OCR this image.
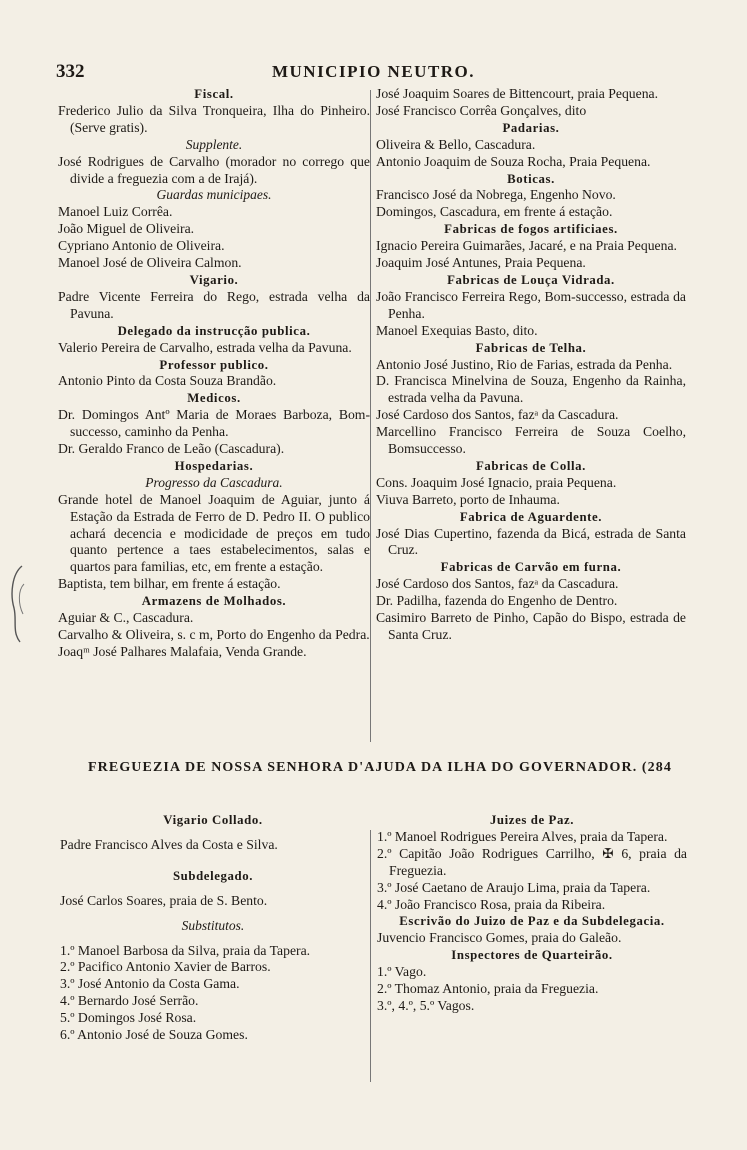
332	MUNICIPIO NEUTRO.
Fiscal.
Frederico Julio da Silva Tronqueira, Ilha do Pinheiro. (Serve gratis).
Supplente.
José Rodrigues de Carvalho (morador no corrego que divide a freguezia com a de Irajá).
Guardas municipaes.
Manoel Luiz Corrêa.
João Miguel de Oliveira.
Cypriano Antonio de Oliveira.
Manoel José de Oliveira Calmon.
Vigario.
Padre Vicente Ferreira do Rego, estrada velha da Pavuna.
Delegado da instrucção publica.
Valerio Pereira de Carvalho, estrada velha da Pavuna.
Professor publico.
Antonio Pinto da Costa Souza Brandão.
Medicos.
Dr. Domingos Antº Maria de Moraes Barboza, Bom-successo, caminho da Penha.
Dr. Geraldo Franco de Leão (Cascadura).
Hospedarias.
Progresso da Cascadura.
Grande hotel de Manoel Joaquim de Aguiar, junto á Estação da Estrada de Ferro de D. Pedro II. O publico achará decencia e modicidade de preços em tudo quanto pertence a taes estabelecimentos, salas e quartos para familias, etc, em frente a estação.
Baptista, tem bilhar, em frente á estação.
Armazens de Molhados.
Aguiar & C., Cascadura.
Carvalho & Oliveira, s. c m, Porto do Engenho da Pedra.
Joaqᵐ José Palhares Malafaia, Venda Grande.
José Joaquim Soares de Bittencourt, praia Pequena.
José Francisco Corrêa Gonçalves, dito
Padarias.
Oliveira & Bello, Cascadura.
Antonio Joaquim de Souza Rocha, Praia Pequena.
Boticas.
Francisco José da Nobrega, Engenho Novo.
Domingos, Cascadura, em frente á estação.
Fabricas de fogos artificiaes.
Ignacio Pereira Guimarães, Jacaré, e na Praia Pequena.
Joaquim José Antunes, Praia Pequena.
Fabricas de Louça Vidrada.
João Francisco Ferreira Rego, Bom-successo, estrada da Penha.
Manoel Exequias Basto, dito.
Fabricas de Telha.
Antonio José Justino, Rio de Farias, estrada da Penha.
D. Francisca Minelvina de Souza, Engenho da Rainha, estrada velha da Pavuna.
José Cardoso dos Santos, fazᵃ da Cascadura.
Marcellino Francisco Ferreira de Souza Coelho, Bomsuccesso.
Fabricas de Colla.
Cons. Joaquim José Ignacio, praia Pequena.
Viuva Barreto, porto de Inhauma.
Fabrica de Aguardente.
José Dias Cupertino, fazenda da Bicá, estrada de Santa Cruz.
Fabricas de Carvão em furna.
José Cardoso dos Santos, fazᵃ da Cascadura.
Dr. Padilha, fazenda do Engenho de Dentro.
Casimiro Barreto de Pinho, Capão do Bispo, estrada de Santa Cruz.
FREGUEZIA DE NOSSA SENHORA D'AJUDA DA ILHA DO GOVERNADOR. (284
Vigario Collado.
Padre Francisco Alves da Costa e Silva.
Subdelegado.
José Carlos Soares, praia de S. Bento.
Substitutos.
1.º Manoel Barbosa da Silva, praia da Tapera.
2.º Pacifico Antonio Xavier de Barros.
3.º José Antonio da Costa Gama.
4.º Bernardo José Serrão.
5.º Domingos José Rosa.
6.º Antonio José de Souza Gomes.
Juizes de Paz.
1.º Manoel Rodrigues Pereira Alves, praia da Tapera.
2.º Capitão João Rodrigues Carrilho, ✠ 6, praia da Freguezia.
3.º José Caetano de Araujo Lima, praia da Tapera.
4.º João Francisco Rosa, praia da Ribeira.
Escrivão do Juizo de Paz e da Subdelegacia.
Juvencio Francisco Gomes, praia do Galeão.
Inspectores de Quarteirão.
1.º Vago.
2.º Thomaz Antonio, praia da Freguezia.
3.º, 4.º, 5.º Vagos.
